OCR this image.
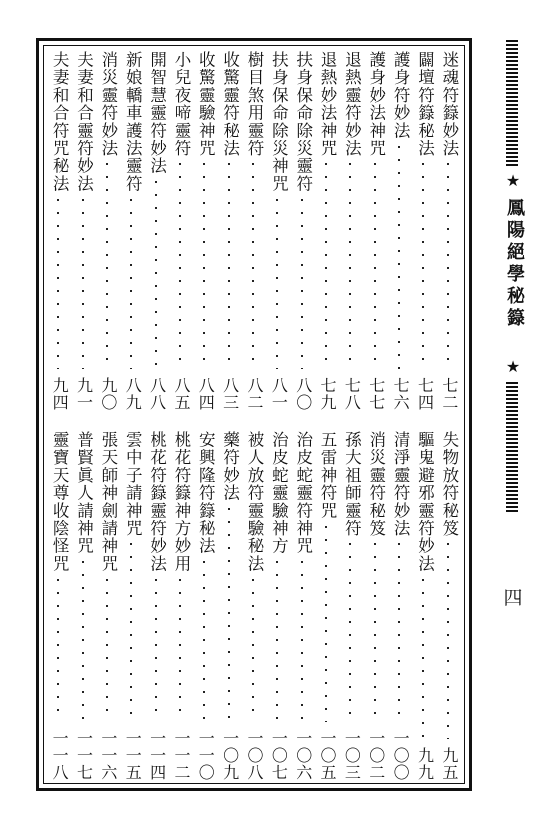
迷魂符籙妙法
七二
闢壇符籙秘法
七四
護身符妙法
七六
護身妙法神咒
七七
退熱靈符妙法
七八
退熱妙法神咒
七九
扶身保命除災靈符
八〇
扶身保命除災神咒
八一
樹目煞用靈符
八二
收驚靈符秘法
八三
收驚靈驗神咒
八四
小兒夜啼靈符
八五
開智慧靈符妙法
八八
新娘轎車護法靈符
八九
消災靈符妙法
九〇
夫妻和合靈符妙法
九一
夫妻和合符咒秘法
九四
失物放符秘笈
九五
驅鬼避邪靈符妙法
九九
清淨靈符妙法
一〇〇
消災靈符秘笈
一〇二
孫大祖師靈符
一〇三
五雷神符咒
一〇五
治皮蛇靈符神咒
一〇六
治皮蛇靈驗神方
一〇七
被人放符靈驗秘法
一〇八
藥符妙法
一〇九
安興隆符籙秘法
一一〇
桃花符籙神方妙用
一一二
桃花符籙靈符妙法
一一四
雲中子請神咒
一一五
張天師神劍請神咒
一一六
普賢眞人請神咒
一一七
靈寶天尊收陰怪咒
一一八
★
鳳陽絕學秘籙
★
四
